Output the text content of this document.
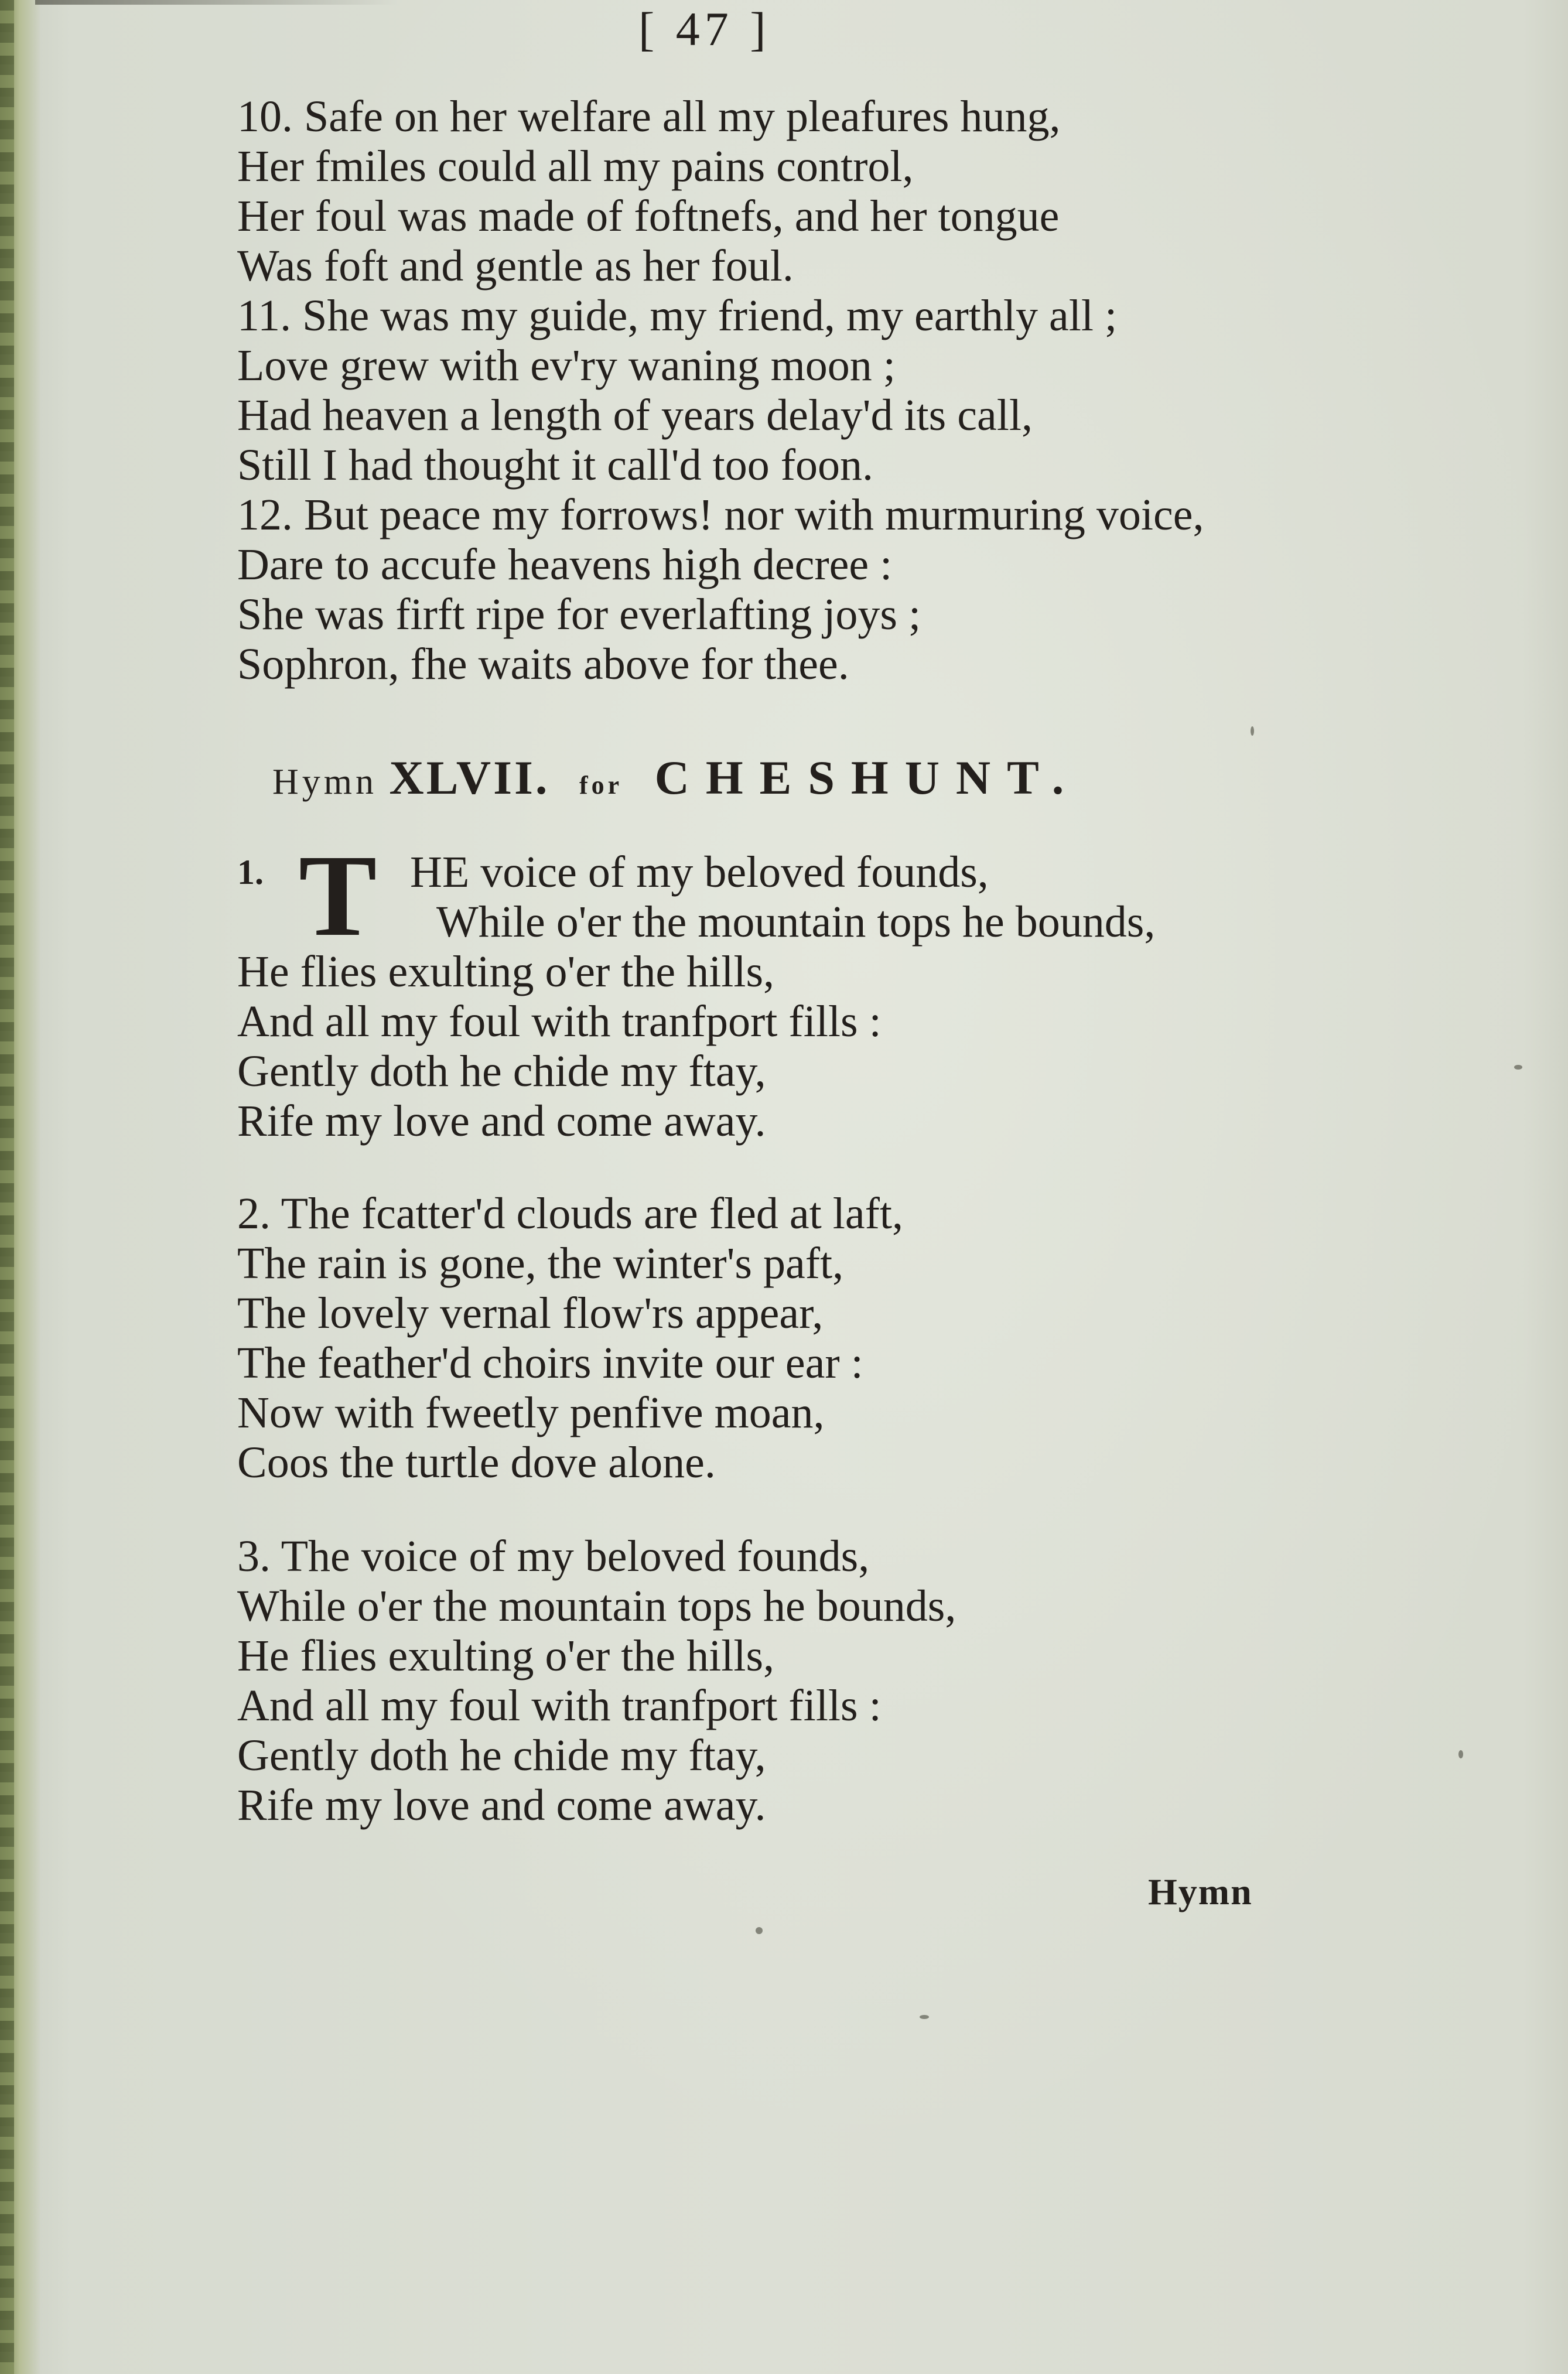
[ 47 ]
10. Safe on her welfare all my pleafures hung,
Her fmiles could all my pains control,
Her foul was made of foftnefs, and her tongue
Was foft and gentle as her foul.
11. She was my guide, my friend, my earthly all ;
Love grew with ev'ry waning moon ;
Had heaven a length of years delay'd its call,
Still I had thought it call'd too foon.
12. But peace my forrows! nor with murmuring voice,
Dare to accufe heavens high decree :
She was firft ripe for everlafting joys ;
Sophron, fhe waits above for thee.
Hymn XLVII. for CHESHUNT.
1. T HE voice of my beloved founds,
While o'er the mountain tops he bounds,
He flies exulting o'er the hills,
And all my foul with tranfport fills :
Gently doth he chide my ftay,
Rife my love and come away.
2. The fcatter'd clouds are fled at laft,
The rain is gone, the winter's paft,
The lovely vernal flow'rs appear,
The feather'd choirs invite our ear :
Now with fweetly penfive moan,
Coos the turtle dove alone.
3. The voice of my beloved founds,
While o'er the mountain tops he bounds,
He flies exulting o'er the hills,
And all my foul with tranfport fills :
Gently doth he chide my ftay,
Rife my love and come away.
Hymn
